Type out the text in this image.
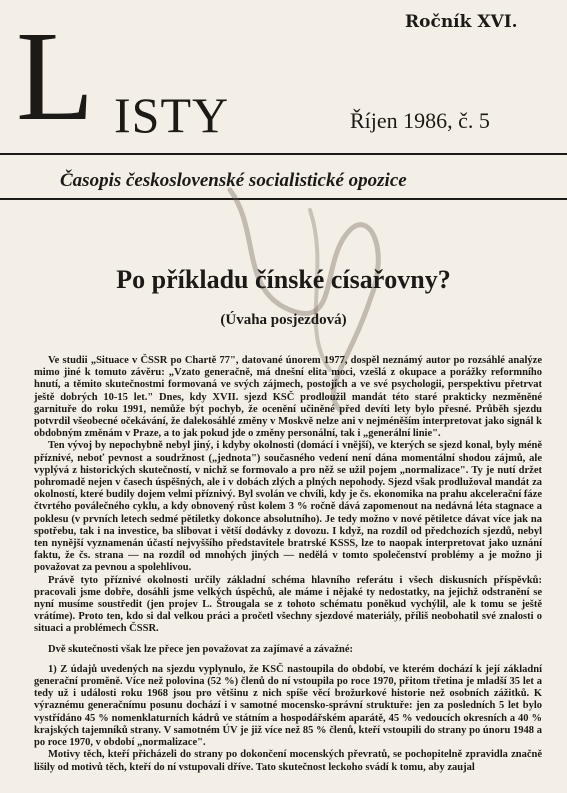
Ročník XVI.
L ISTY	Říjen 1986, č. 5
Časopis československé socialistické opozice
Po příkladu čínské císařovny?
(Úvaha posjezdová)

Ve studii „Situace v ČSSR po Chartě 77", datované únorem 1977, dospěl neznámý autor po rozsáhlé analýze mimo jiné k tomuto závěru: „Vzato generačně, má dnešní elita moci, vzešlá z okupace a porážky reformního hnutí, a těmito skutečnostmi formovaná ve svých zájmech, postojích a ve své psychologii, perspektivu přetrvat ještě dobrých 10-15 let." Dnes, kdy XVII. sjezd KSČ prodloužil mandát této staré prakticky nezměněné garnituře do roku 1991, nemůže být pochyb, že ocenění učiněné před devíti lety bylo přesné. Průběh sjezdu potvrdil všeobecné očekávání, že dalekosáhlé změny v Moskvě nelze ani v nejméněším interpretovat jako signál k obdobným změnám v Praze, a to jak pokud jde o změny personální, tak i „generální linie".

Ten vývoj by nepochybně nebyl jiný, i kdyby okolnosti (domácí i vnější), ve kterých se sjezd konal, byly méně příznivé, neboť pevnost a soudržnost („jednota") současného vedení není dána momentální shodou zájmů, ale vyplývá z historických skutečností, v nichž se formovalo a pro něž se užil pojem „normalizace". Ty je nutí držet pohromadě nejen v časech úspěšných, ale i v dobách zlých a plných nepohody. Sjezd však prodlužoval mandát za okolností, které budily dojem velmi příznivý. Byl svolán ve chvíli, kdy je čs. ekonomika na prahu akcelerační fáze čtvrtého poválečného cyklu, a kdy obnovený růst kolem 3 % ročně dává zapomenout na nedávná léta stagnace a poklesu (v prvních letech sedmé pětiletky dokonce absolutního). Je tedy možno v nové pětiletce dávat více jak na spotřebu, tak i na investice, ba slibovat i větší dodávky z dovozu. I když, na rozdíl od předchozích sjezdů, nebyl ten nynější vyznamenán účastí nejvyššího představitele bratrské KSSS, lze to naopak interpretovat jako uznání faktu, že čs. strana — na rozdíl od mnohých jiných — nedělá v tomto společenství problémy a je možno ji považovat za pevnou a spolehlivou.

Právě tyto příznivé okolnosti určily základní schéma hlavního referátu i všech diskusních příspěvků: pracovali jsme dobře, dosáhli jsme velkých úspěchů, ale máme i nějaké ty nedostatky, na jejichž odstranění se nyní musíme soustředit (jen projev L. Štrougala se z tohoto schématu poněkud vychýlil, ale k tomu se ještě vrátíme). Proto ten, kdo si dal velkou práci a pročetl všechny sjezdové materiály, příliš neobohatil své znalosti o situaci a problémech ČSSR.

Dvě skutečnosti však lze přece jen považovat za zajímavé a závažné:

1) Z údajů uvedených na sjezdu vyplynulo, že KSČ nastoupila do období, ve kterém dochází k její základní generační proměně. Více než polovina (52 %) členů do ní vstoupila po roce 1970, přitom třetina je mladší 35 let a tedy už i události roku 1968 jsou pro většinu z nich spíše věcí brožurkové historie než osobních zážitků. K výraznému generačnímu posunu dochází i v samotné mocensko-správní struktuře: jen za posledních 5 let bylo vystřídáno 45 % nomenklaturních kádrů ve státním a hospodářském aparátě, 45 % vedoucích okresních a 40 % krajských tajemníků strany. V samotném ÚV je již více než 85 % členů, kteří vstoupili do strany po únoru 1948 a po roce 1970, v období „normalizace".

Motivy těch, kteří přicházeli do strany po dokončení mocenských převratů, se pochopitelně zpravidla značně lišily od motivů těch, kteří do ní vstupovali dříve. Tato skutečnost leckoho svádí k tomu, aby zaujal
